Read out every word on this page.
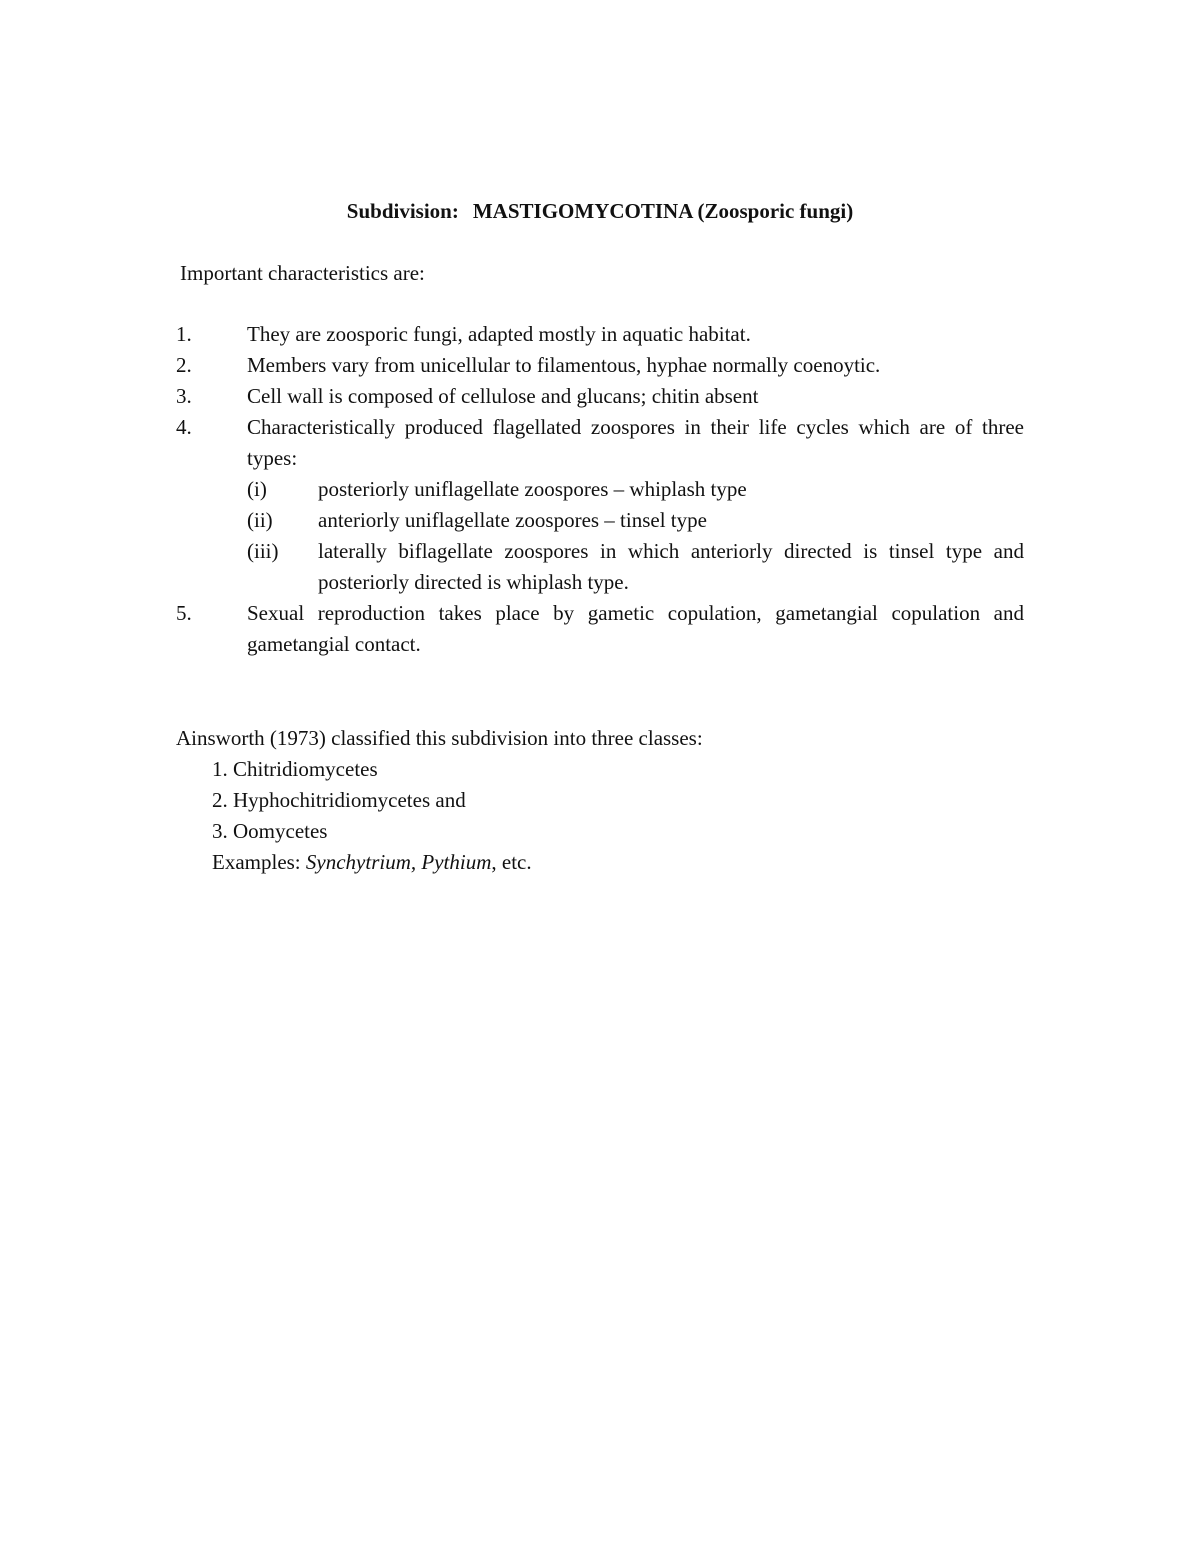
Subdivision: MASTIGOMYCOTINA (Zoosporic fungi)
Important characteristics are:
1.	They are zoosporic fungi, adapted mostly in aquatic habitat.
2.	Members vary from unicellular to filamentous, hyphae normally coenoytic.
3.	Cell wall is composed of cellulose and glucans; chitin absent
4.	Characteristically produced flagellated zoospores in their life cycles which are of three types:
(i)	posteriorly uniflagellate zoospores – whiplash type
(ii)	anteriorly uniflagellate zoospores – tinsel type
(iii)	laterally biflagellate zoospores in which anteriorly directed is tinsel type and posteriorly directed is whiplash type.
5.	Sexual reproduction takes place by gametic copulation, gametangial copulation and gametangial contact.
Ainsworth (1973) classified this subdivision into three classes:
1. Chitridiomycetes
2. Hyphochitridiomycetes and
3. Oomycetes
Examples: Synchytrium, Pythium, etc.
